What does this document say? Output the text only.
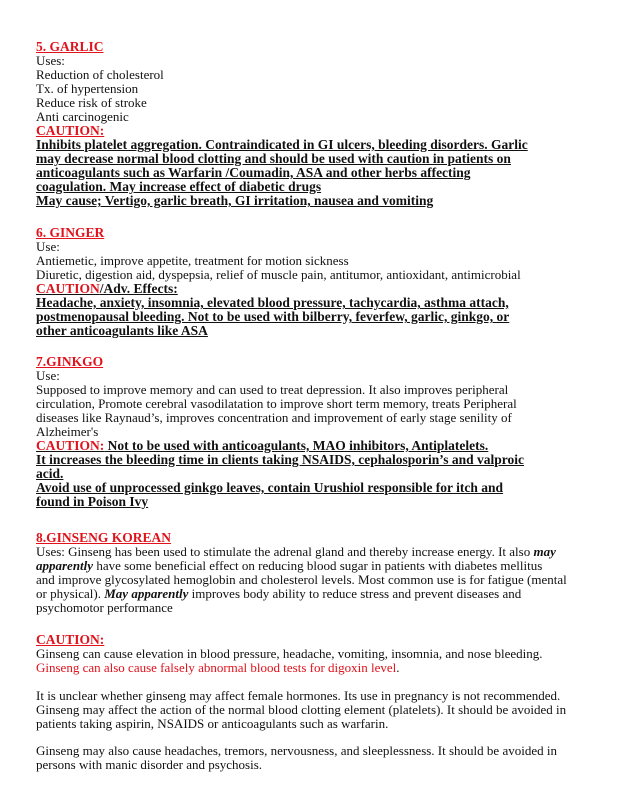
5. GARLIC
Uses:
Reduction of cholesterol
Tx. of hypertension
Reduce risk of stroke
Anti carcinogenic
CAUTION:
Inhibits platelet aggregation. Contraindicated in GI ulcers, bleeding disorders. Garlic
may decrease normal blood clotting and should be used with caution in patients on
anticoagulants such as Warfarin /Coumadin, ASA and other herbs affecting
coagulation. May increase effect of diabetic drugs
May cause; Vertigo, garlic breath, GI irritation, nausea and vomiting
6. GINGER
Use:
Antiemetic, improve appetite, treatment for motion sickness
Diuretic, digestion aid, dyspepsia, relief of muscle pain, antitumor, antioxidant, antimicrobial
CAUTION/Adv. Effects:
Headache, anxiety, insomnia, elevated blood pressure, tachycardia, asthma attach,
postmenopausal bleeding. Not to be used with bilberry, feverfew, garlic, ginkgo, or
other anticoagulants like ASA
7.GINKGO
Use:
Supposed to improve memory and can used to treat depression. It also improves peripheral
circulation, Promote cerebral vasodilatation to improve short term memory, treats Peripheral
diseases like Raynaud’s, improves concentration and improvement of early stage senility of
Alzheimer's
CAUTION: Not to be used with anticoagulants, MAO inhibitors, Antiplatelets.
It increases the bleeding time in clients taking NSAIDS, cephalosporin’s and valproic
acid.
Avoid use of unprocessed ginkgo leaves, contain Urushiol responsible for itch and
found in Poison Ivy
8.GINSENG KOREAN
Uses: Ginseng has been used to stimulate the adrenal gland and thereby increase energy. It also may
apparently have some beneficial effect on reducing blood sugar in patients with diabetes mellitus
and improve glycosylated hemoglobin and cholesterol levels. Most common use is for fatigue (mental
or physical). May apparently improves body ability to reduce stress and prevent diseases and
psychomotor performance
CAUTION:
Ginseng can cause elevation in blood pressure, headache, vomiting, insomnia, and nose bleeding.
Ginseng can also cause falsely abnormal blood tests for digoxin level.
It is unclear whether ginseng may affect female hormones. Its use in pregnancy is not recommended.
Ginseng may affect the action of the normal blood clotting element (platelets). It should be avoided in
patients taking aspirin, NSAIDS or anticoagulants such as warfarin.
Ginseng may also cause headaches, tremors, nervousness, and sleeplessness. It should be avoided in
persons with manic disorder and psychosis.
